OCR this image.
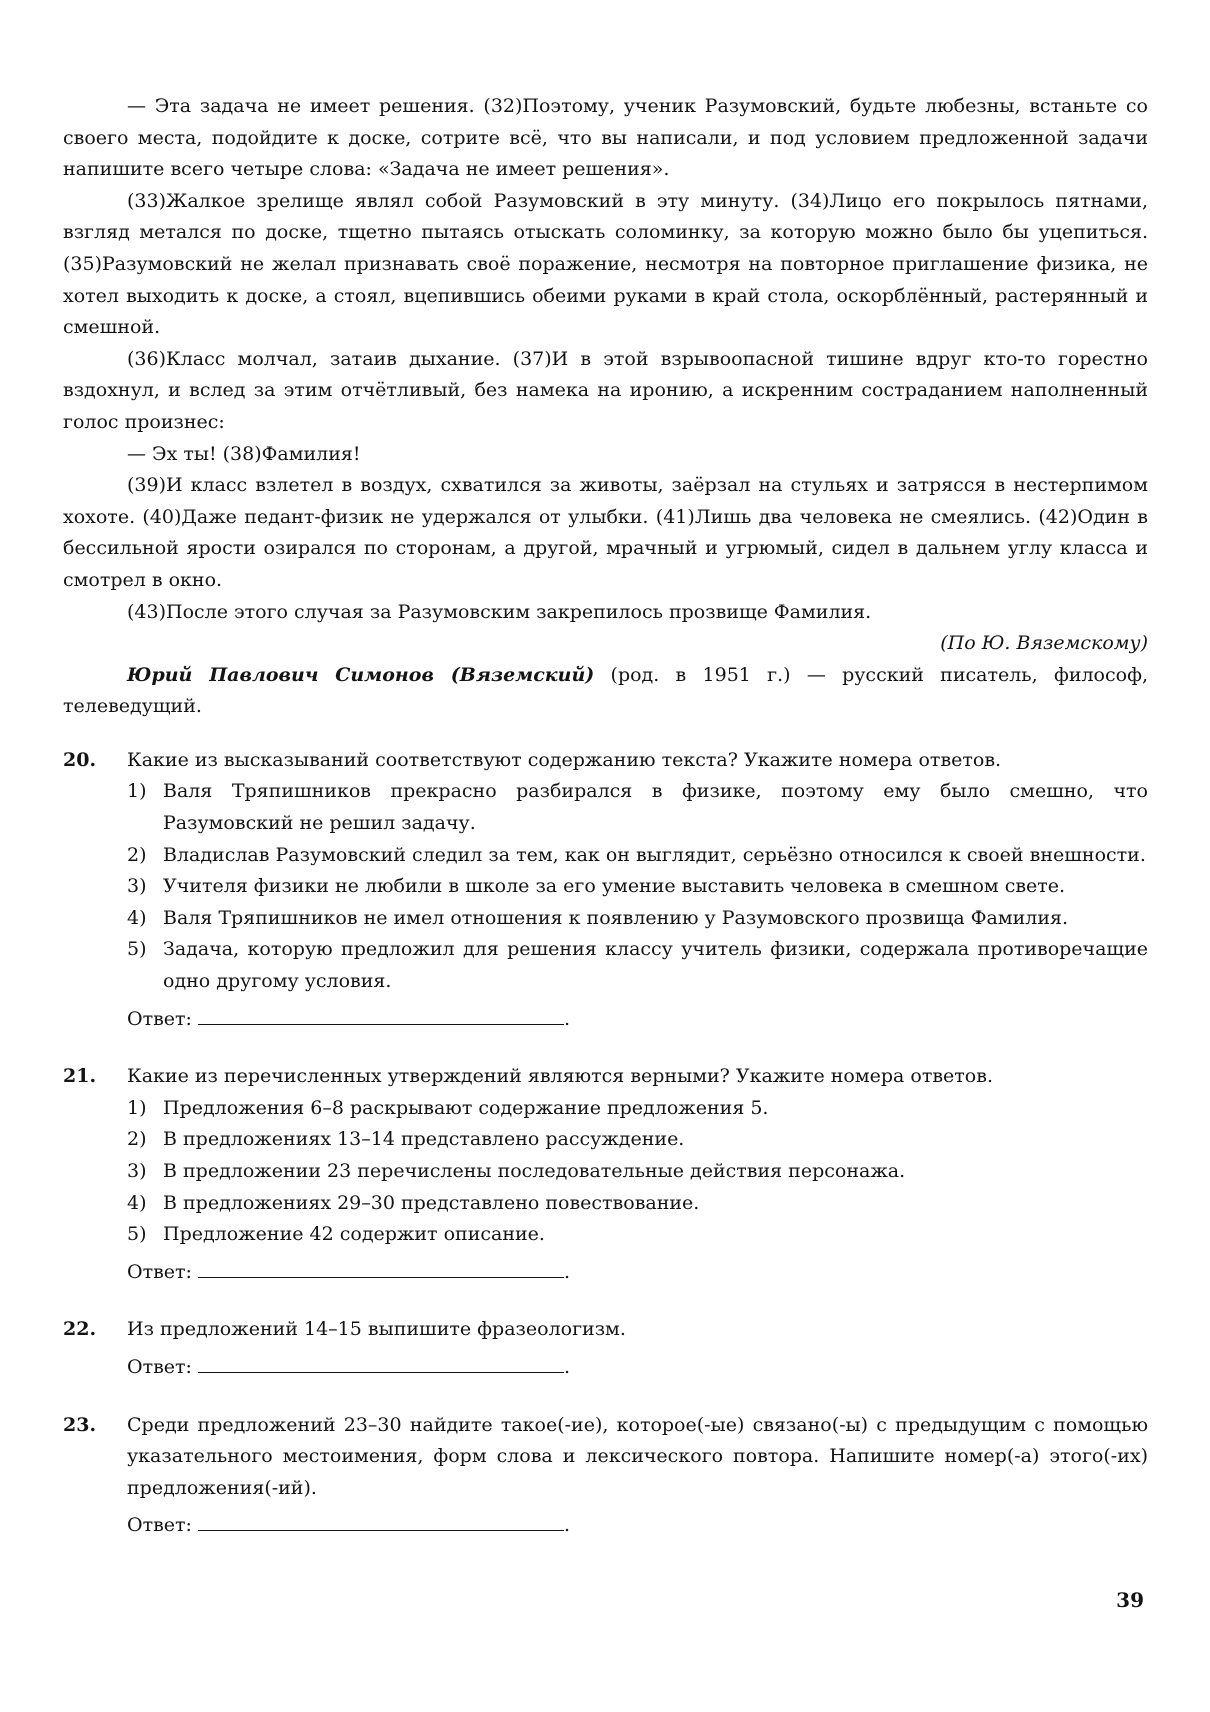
— Эта задача не имеет решения. (32)Поэтому, ученик Разумовский, будьте любезны, встаньте со своего места, подойдите к доске, сотрите всё, что вы написали, и под условием предложенной задачи напишите всего четыре слова: «Задача не имеет решения».

(33)Жалкое зрелище являл собой Разумовский в эту минуту. (34)Лицо его покрылось пятнами, взгляд метался по доске, тщетно пытаясь отыскать соломинку, за которую можно было бы уцепиться. (35)Разумовский не желал признавать своё поражение, несмотря на повторное приглашение физика, не хотел выходить к доске, а стоял, вцепившись обеими руками в край стола, оскорблённый, растерянный и смешной.

(36)Класс молчал, затаив дыхание. (37)И в этой взрывоопасной тишине вдруг кто-то горестно вздохнул, и вслед за этим отчётливый, без намека на иронию, а искренним состраданием наполненный голос произнес:

— Эх ты! (38)Фамилия!

(39)И класс взлетел в воздух, схватился за животы, заёрзал на стульях и затрясся в нестерпимом хохоте. (40)Даже педант-физик не удержался от улыбки. (41)Лишь два человека не смеялись. (42)Один в бессильной ярости озирался по сторонам, а другой, мрачный и угрюмый, сидел в дальнем углу класса и смотрел в окно.

(43)После этого случая за Разумовским закрепилось прозвище Фамилия.

(По Ю. Вяземскому)

Юрий Павлович Симонов (Вяземский) (род. в 1951 г.) — русский писатель, философ, телеведущий.

20. Какие из высказываний соответствуют содержанию текста? Укажите номера ответов.
1) Валя Тряпишников прекрасно разбирался в физике, поэтому ему было смешно, что Разумовский не решил задачу.
2) Владислав Разумовский следил за тем, как он выглядит, серьёзно относился к своей внешности.
3) Учителя физики не любили в школе за его умение выставить человека в смешном свете.
4) Валя Тряпишников не имел отношения к появлению у Разумовского прозвища Фамилия.
5) Задача, которую предложил для решения классу учитель физики, содержала противоречащие одно другому условия.
Ответ:	.
21. Какие из перечисленных утверждений являются верными? Укажите номера ответов.
1) Предложения 6–8 раскрывают содержание предложения 5.
2) В предложениях 13–14 представлено рассуждение.
3) В предложении 23 перечислены последовательные действия персонажа.
4) В предложениях 29–30 представлено повествование.
5) Предложение 42 содержит описание.
Ответ:	.
22. Из предложений 14–15 выпишите фразеологизм.
Ответ:	.
23. Среди предложений 23–30 найдите такое(-ие), которое(-ые) связано(-ы) с предыдущим с помощью указательного местоимения, форм слова и лексического повтора. Напишите номер(-а) этого(-их) предложения(-ий).
Ответ:	.
39
